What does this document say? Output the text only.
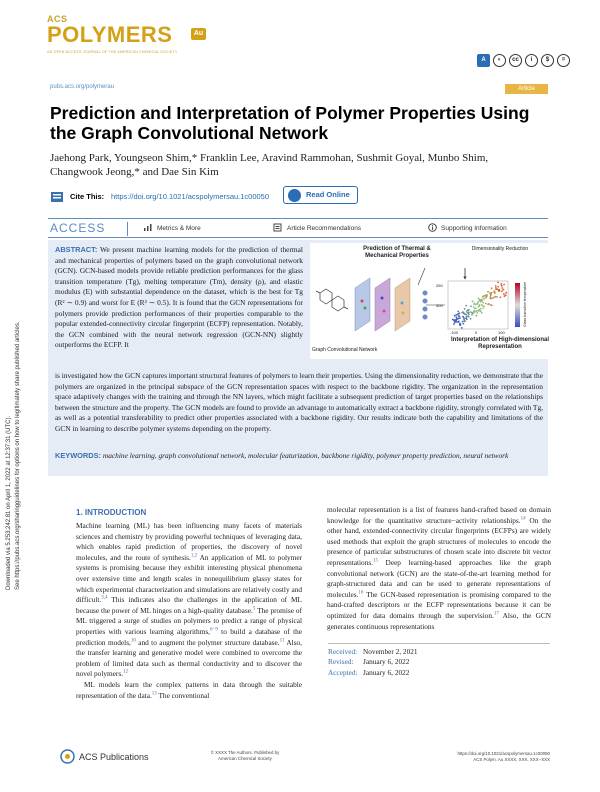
Downloaded via 5.253.242.81 on April 1, 2022 at 12:37:31 (UTC). See https://pubs.acs.org/sharingguidelines for options on how to legitimately share published articles.
ACS
POLYMERS	Au
AN OPEN ACCESS JOURNAL OF THE AMERICAN CHEMICAL SOCIETY
A	◐	cc	i	$	=
pubs.acs.org/polymerau	Article
Prediction and Interpretation of Polymer Properties Using the Graph Convolutional Network
Jaehong Park, Youngseon Shim,* Franklin Lee, Aravind Rammohan, Sushmit Goyal, Munbo Shim,
Changwook Jeong,* and Dae Sin Kim
Cite This: https://doi.org/10.1021/acspolymersau.1c00050	Read Online
ACCESS	Metrics & More	Article Recommendations	Supporting Information
ABSTRACT: We present machine learning models for the prediction of thermal and mechanical properties of polymers based on the graph convolutional network (GCN). GCN-based models provide reliable prediction performances for the glass transition temperature (Tg), melting temperature (Tm), density (ρ), and elastic modulus (E) with substantial dependence on the dataset, which is the best for Tg (R² ∼ 0.9) and worst for E (R² ∼ 0.5). It is found that the GCN representations for polymers provide prediction performances of their properties comparable to the popular extended-connectivity circular fingerprint (ECFP) representation. Notably, the GCN combined with the neural network regression (GCN-NN) slightly outperforms the ECFP. It
is investigated how the GCN captures important structural features of polymers to learn their properties. Using the dimensionality reduction, we demonstrate that the polymers are organized in the principal subspace of the GCN representation spaces with respect to the backbone rigidity. The organization in the representation space adaptively changes with the training and through the NN layers, which might facilitate a subsequent prediction of target properties based on the relationships between the structure and the property. The GCN models are found to provide an advantage to automatically extract a backbone rigidity, strongly correlated with Tg, as well as a potential transferability to predict other properties associated with a backbone rigidity. Our results indicate both the capability and limitations of the GCN in learning to describe polymer systems depending on the property.
Prediction of Thermal & Mechanical Properties
Dimensionality Reduction
Graph Convolutional Network
Interpretation of High-dimensional Representation
250
500
-100	0	100
Glass transition temperature
KEYWORDS: machine learning, graph convolutional network, molecular featurization, backbone rigidity, polymer property prediction, neural network
1. INTRODUCTION
Machine learning (ML) has been influencing many facets of materials sciences and chemistry by providing powerful techniques of leveraging data, which enables rapid prediction of properties, the discovery of novel molecules, and the route of synthesis.$^{1,2}$ An application of ML to polymer systems is promising because they exhibit interesting physical phenomena over extensive time and length scales in nonequilibrium glassy states for which experimental characterization and simulations are relatively costly and difficult.$^{3,4}$ This indicates also the challenges in the application of ML because the power of ML hinges on a high-quality database.$^5$ The promise of ML triggered a surge of studies on polymers to predict a range of physical properties with various learning algorithms,$^{6-9}$ to build a database of the prediction models,$^{10}$ and to augment the polymer structure database.$^{11}$ Also, the transfer learning and generative model were combined to overcome the problem of limited data such as thermal conductivity and to discover the novel polymers.$^{12}$
ML models learn the complex patterns in data through the suitable representation of the data.$^{13}$ The conventional
molecular representation is a list of features hand-crafted based on domain knowledge for the quantitative structure−activity relationships.$^{14}$ On the other hand, extended-connectivity circular fingerprints (ECFPs) are widely used methods that exploit the graph structures of molecules to encode the presence of particular substructures of chosen scale into discrete bit vector representations.$^{15}$ Deep learning-based approaches like the graph convolutional network (GCN) are the state-of-the-art learning method for graph-structured data and can be used to generate representations of molecules.$^{16}$ The GCN-based representation is promising compared to the hand-crafted descriptors or the ECFP representations because it can be optimized for data domains through the supervision.$^{17}$ Also, the GCN generates continuous representations
Received: November 2, 2021
Revised: January 6, 2022
Accepted: January 6, 2022
ACS Publications	© XXXX The Authors. Published by
American Chemical Society
https://doi.org/10.1021/acspolymersau.1c00050
ACS Polym. Au XXXX, XXX, XXX−XXX
